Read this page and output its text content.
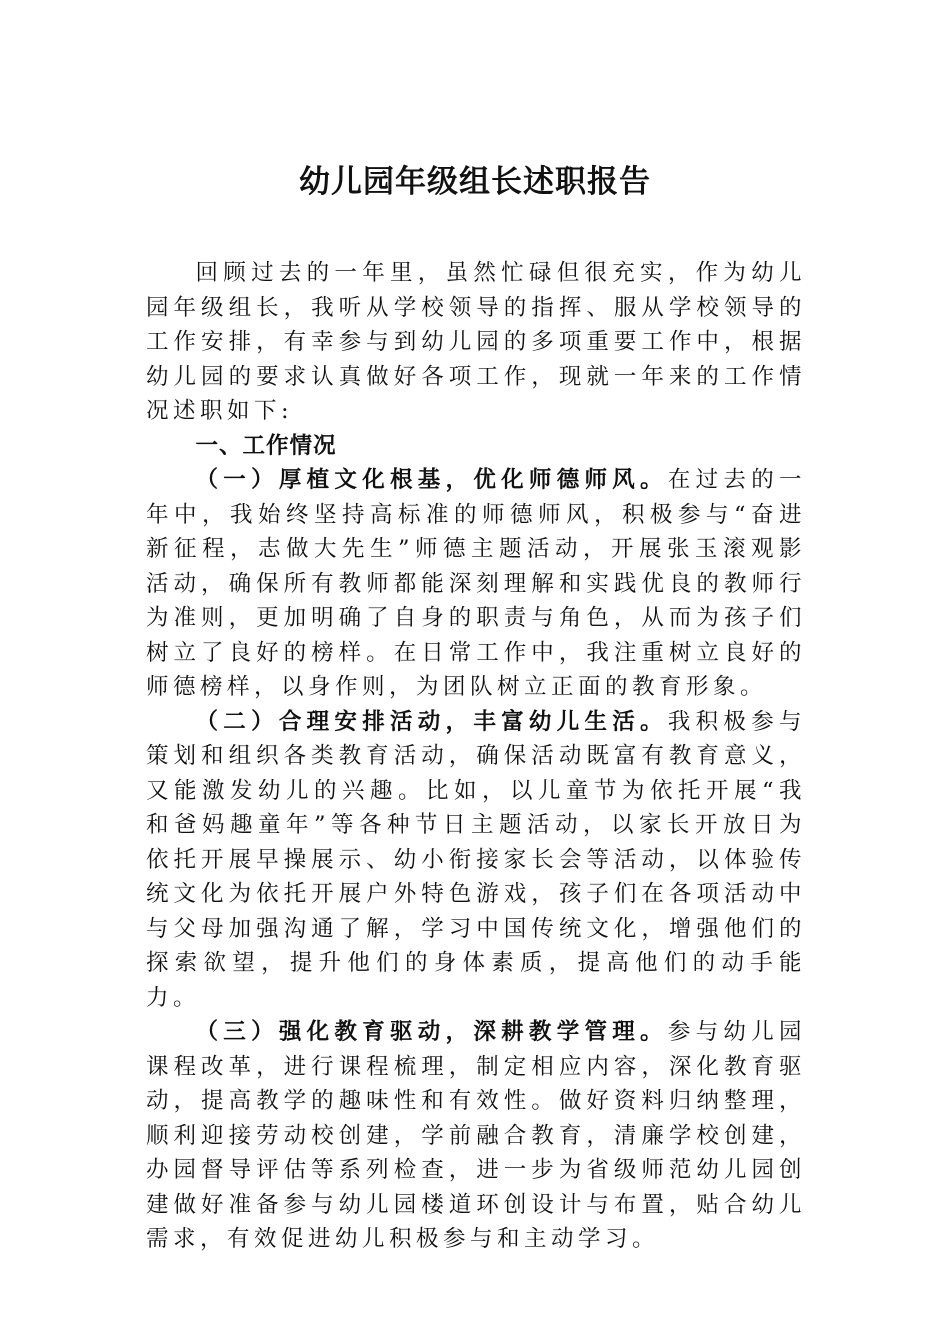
幼儿园年级组长述职报告

回顾过去的一年里，虽然忙碌但很充实，作为幼儿园年级组长，我听从学校领导的指挥、服从学校领导的工作安排，有幸参与到幼儿园的多项重要工作中，根据幼儿园的要求认真做好各项工作，现就一年来的工作情况述职如下:

一、工作情况

（一）厚植文化根基，优化师德师风。在过去的一年中，我始终坚持高标准的师德师风，积极参与“奋进新征程，志做大先生”师德主题活动，开展张玉滚观影活动，确保所有教师都能深刻理解和实践优良的教师行为准则，更加明确了自身的职责与角色，从而为孩子们树立了良好的榜样。在日常工作中，我注重树立良好的师德榜样，以身作则，为团队树立正面的教育形象。

（二）合理安排活动，丰富幼儿生活。我积极参与策划和组织各类教育活动，确保活动既富有教育意义，又能激发幼儿的兴趣。比如，以儿童节为依托开展“我和爸妈趣童年”等各种节日主题活动，以家长开放日为依托开展早操展示、幼小衔接家长会等活动，以体验传统文化为依托开展户外特色游戏，孩子们在各项活动中与父母加强沟通了解，学习中国传统文化，增强他们的探索欲望，提升他们的身体素质，提高他们的动手能力。

（三）强化教育驱动，深耕教学管理。参与幼儿园课程改革，进行课程梳理，制定相应内容，深化教育驱动，提高教学的趣味性和有效性。做好资料归纳整理，顺利迎接劳动校创建，学前融合教育，清廉学校创建，办园督导评估等系列检查，进一步为省级师范幼儿园创建做好准备参与幼儿园楼道环创设计与布置，贴合幼儿需求，有效促进幼儿积极参与和主动学习。
